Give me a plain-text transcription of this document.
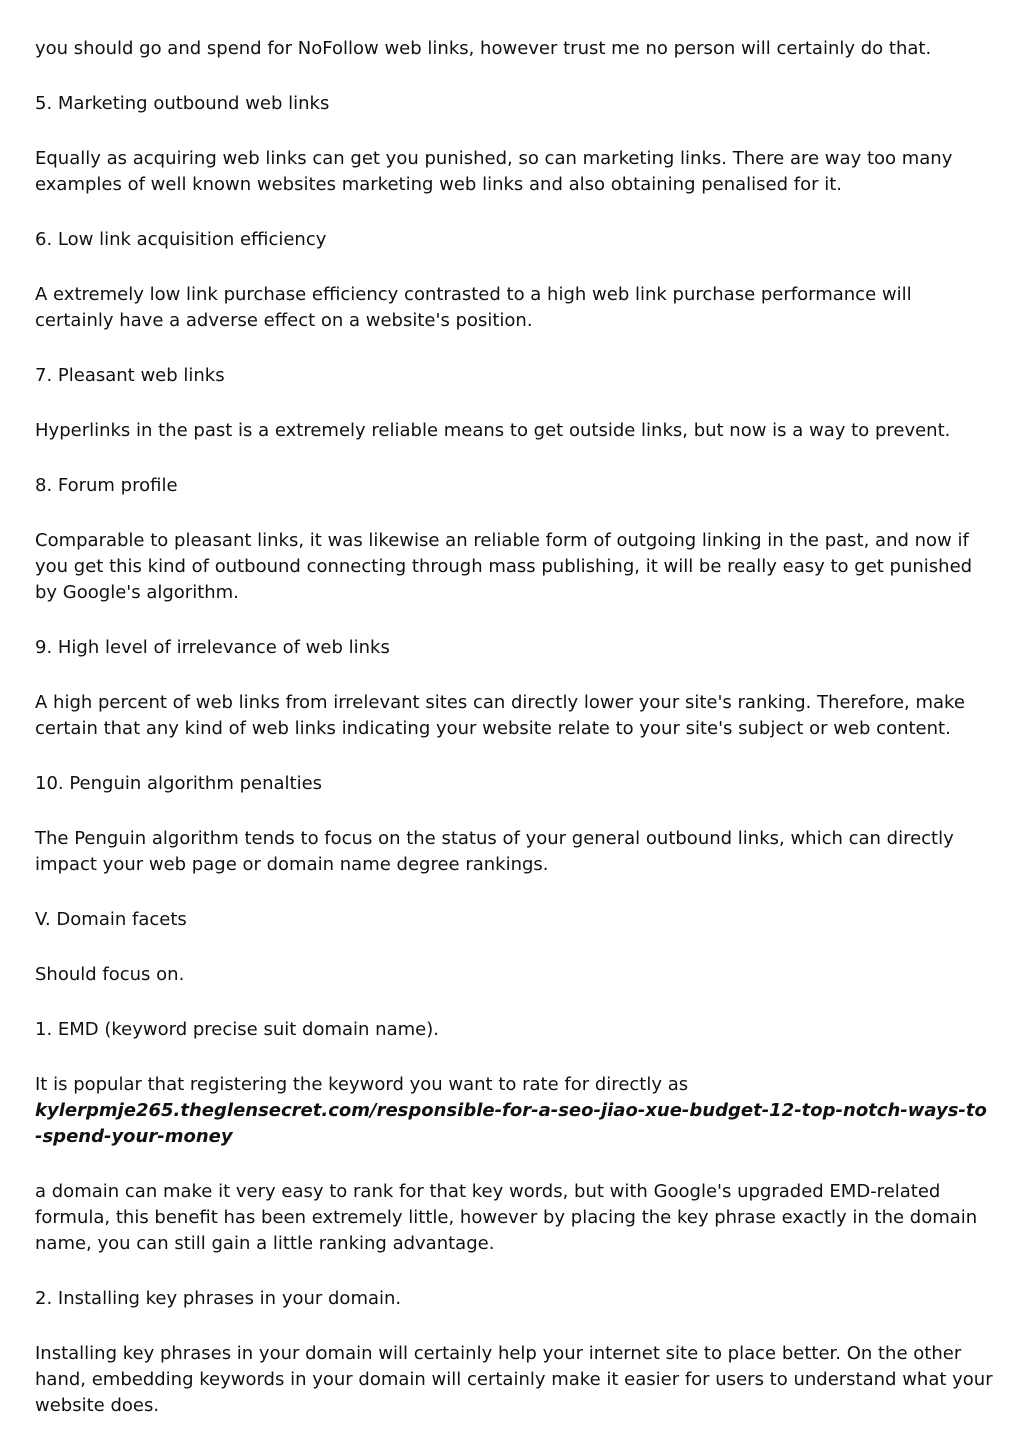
you should go and spend for NoFollow web links, however trust me no person will certainly do that.

5. Marketing outbound web links

Equally as acquiring web links can get you punished, so can marketing links. There are way too many examples of well known websites marketing web links and also obtaining penalised for it.

6. Low link acquisition efficiency

A extremely low link purchase efficiency contrasted to a high web link purchase performance will certainly have a adverse effect on a website's position.

7. Pleasant web links

Hyperlinks in the past is a extremely reliable means to get outside links, but now is a way to prevent.

8. Forum profile

Comparable to pleasant links, it was likewise an reliable form of outgoing linking in the past, and now if you get this kind of outbound connecting through mass publishing, it will be really easy to get punished by Google's algorithm.

9. High level of irrelevance of web links

A high percent of web links from irrelevant sites can directly lower your site's ranking. Therefore, make certain that any kind of web links indicating your website relate to your site's subject or web content.

10. Penguin algorithm penalties

The Penguin algorithm tends to focus on the status of your general outbound links, which can directly impact your web page or domain name degree rankings.

V. Domain facets

Should focus on.

1. EMD (keyword precise suit domain name).

It is popular that registering the keyword you want to rate for directly as

kylerpmje265.theglensecret.com/responsible-for-a-seo-jiao-xue-budget-12-top-notch-ways-to-spend-your-money

a domain can make it very easy to rank for that key words, but with Google's upgraded EMD-related formula, this benefit has been extremely little, however by placing the key phrase exactly in the domain name, you can still gain a little ranking advantage.

2. Installing key phrases in your domain.

Installing key phrases in your domain will certainly help your internet site to place better. On the other hand, embedding keywords in your domain will certainly make it easier for users to understand what your website does.
